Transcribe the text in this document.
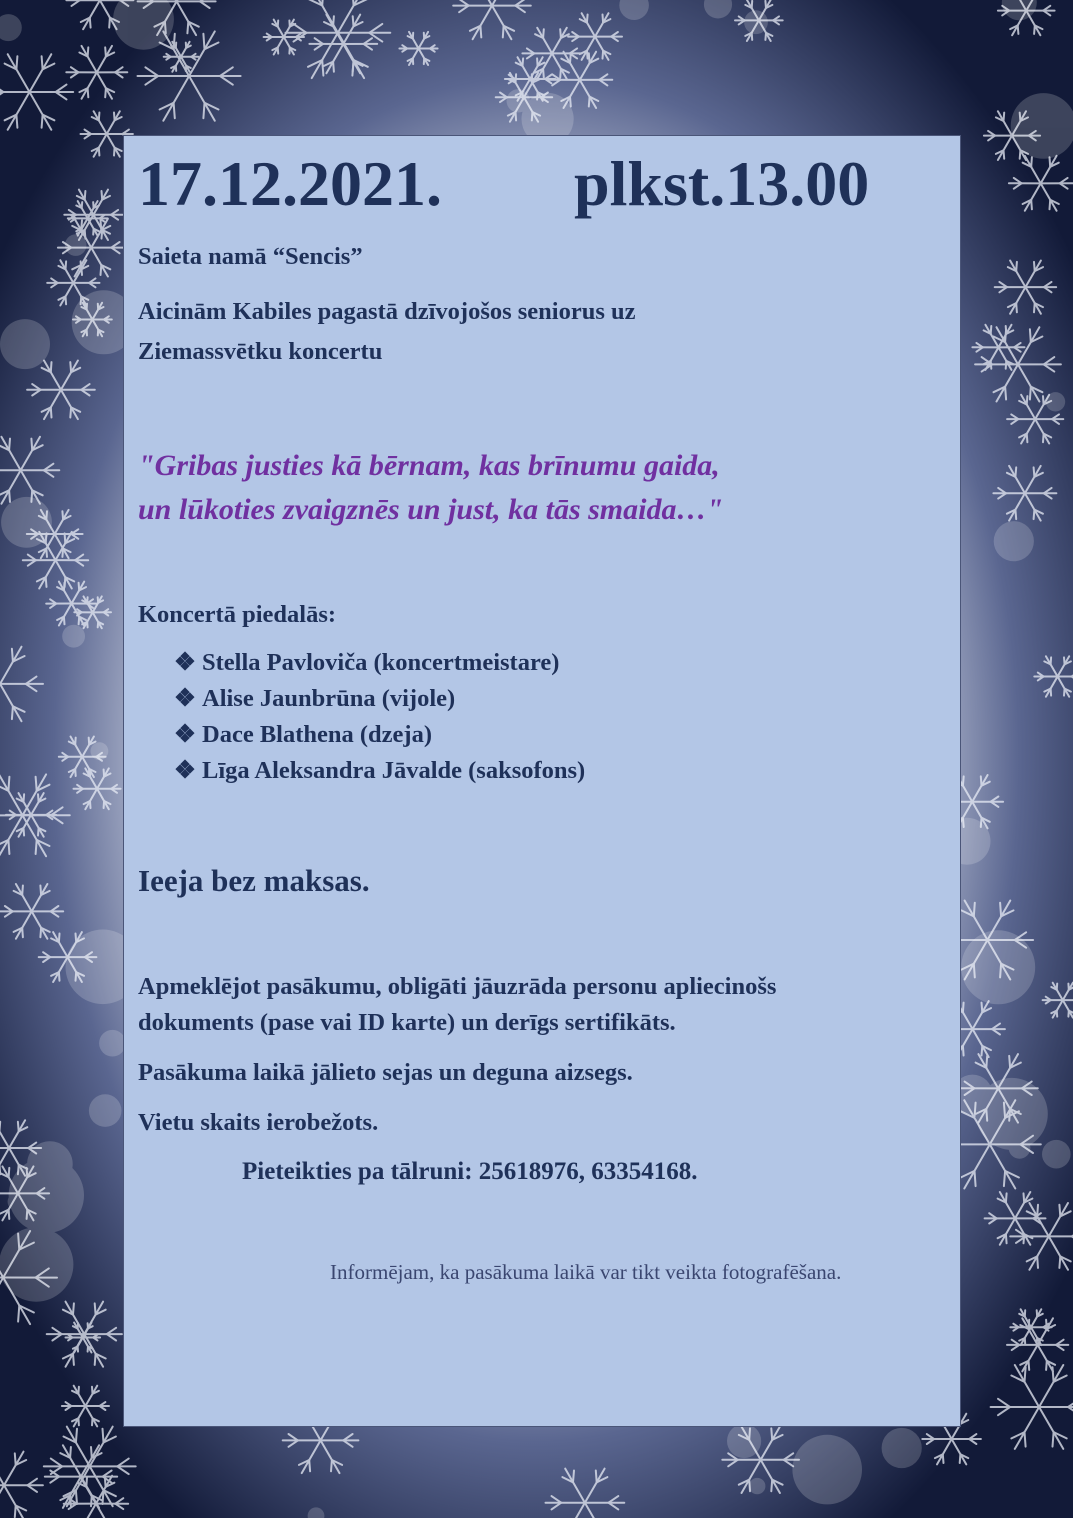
17.12.2021. plkst.13.00

Saieta namā “Sencis”

Aicinām Kabiles pagastā dzīvojošos seniorus uz

Ziemassvētku koncertu

"Gribas justies kā bērnam, kas brīnumu gaida,

un lūkoties zvaigznēs un just, ka tās smaida…"

Koncertā piedalās:

❖ Stella Pavloviča (koncertmeistare)
❖ Alise Jaunbrūna (vijole)
❖ Dace Blathena (dzeja)
❖ Līga Aleksandra Jāvalde (saksofons)

Ieeja bez maksas.

Apmeklējot pasākumu, obligāti jāuzrāda personu apliecinošs

dokuments (pase vai ID karte) un derīgs sertifikāts.

Pasākuma laikā jālieto sejas un deguna aizsegs.

Vietu skaits ierobežots.

Pieteikties pa tālruni: 25618976, 63354168.

Informējam, ka pasākuma laikā var tikt veikta fotografēšana.
